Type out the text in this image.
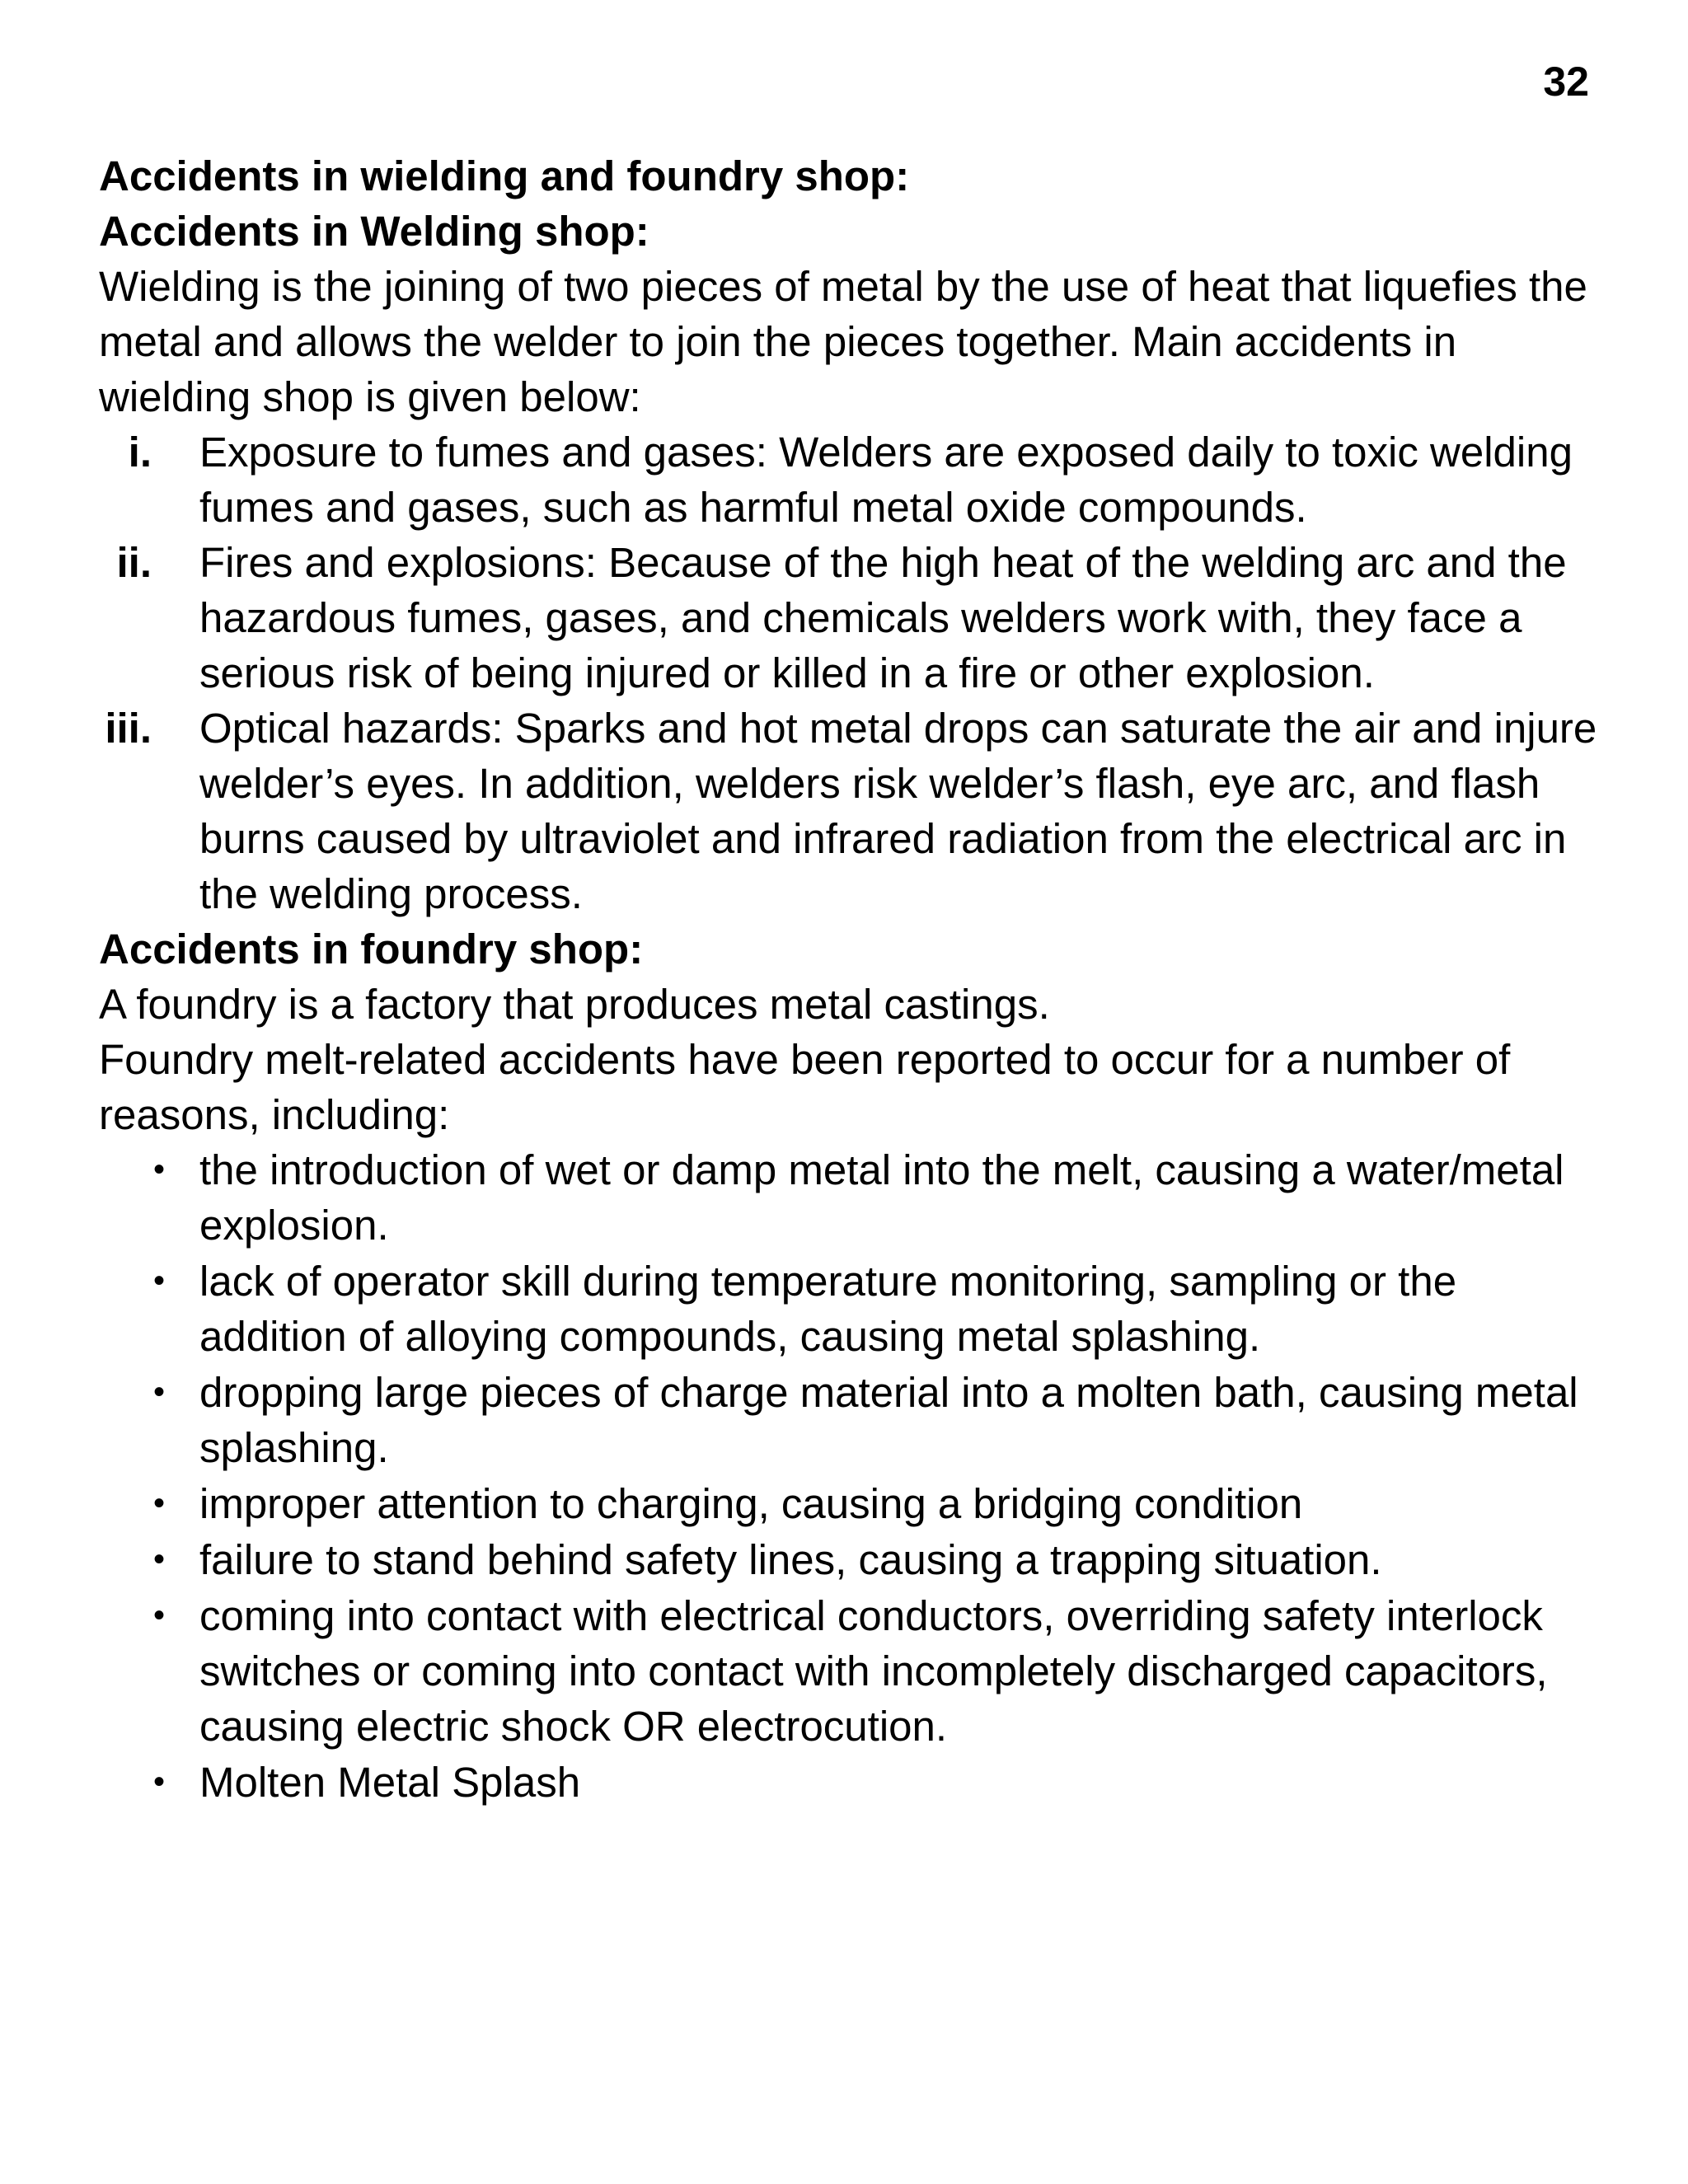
32
Accidents in wielding and foundry shop:
Accidents in Welding shop:

Wielding is the joining of two pieces of metal by the use of heat that liquefies the metal and allows the welder to join the pieces together. Main accidents in wielding shop is given below:

i. Exposure to fumes and gases: Welders are exposed daily to toxic welding fumes and gases, such as harmful metal oxide compounds.
ii. Fires and explosions: Because of the high heat of the welding arc and the hazardous fumes, gases, and chemicals welders work with, they face a serious risk of being injured or killed in a fire or other explosion.
iii. Optical hazards: Sparks and hot metal drops can saturate the air and injure welder’s eyes. In addition, welders risk welder’s flash, eye arc, and flash burns caused by ultraviolet and infrared radiation from the electrical arc in the welding process.
Accidents in foundry shop:

A foundry is a factory that produces metal castings.

Foundry melt-related accidents have been reported to occur for a number of reasons, including:

• the introduction of wet or damp metal into the melt, causing a water/metal explosion.
• lack of operator skill during temperature monitoring, sampling or the addition of alloying compounds, causing metal splashing.
• dropping large pieces of charge material into a molten bath, causing metal splashing.
• improper attention to charging, causing a bridging condition
• failure to stand behind safety lines, causing a trapping situation.
• coming into contact with electrical conductors, overriding safety interlock switches or coming into contact with incompletely discharged capacitors, causing electric shock OR electrocution.
• Molten Metal Splash
